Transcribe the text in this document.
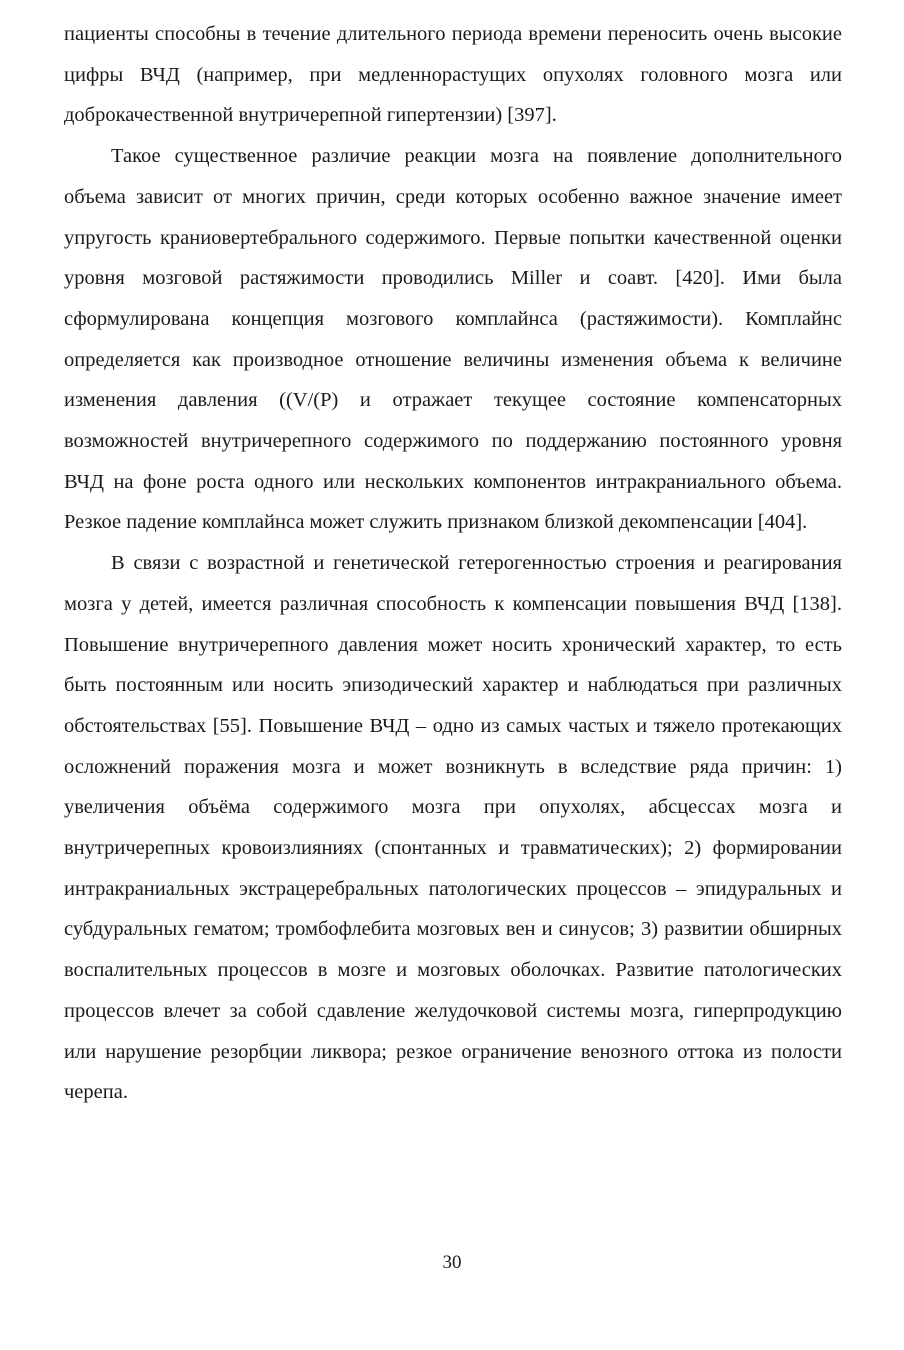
пациенты способны в течение длительного периода времени переносить очень высокие цифры ВЧД (например, при медленнорастущих опухолях головного мозга или доброкачественной внутричерепной гипертензии) [397].

Такое существенное различие реакции мозга на появление дополнительного объема зависит от многих причин, среди которых особенно важное значение имеет упругость краниовертебрального содержимого. Первые попытки качественной оценки уровня мозговой растяжимости проводились Miller и соавт. [420]. Ими была сформулирована концепция мозгового комплайнса (растяжимости). Комплайнс определяется как производное отношение величины изменения объема к величине изменения давления ((V/(P) и отражает текущее состояние компенсаторных возможностей внутричерепного содержимого по поддержанию постоянного уровня ВЧД на фоне роста одного или нескольких компонентов интракраниального объема. Резкое падение комплайнса может служить признаком близкой декомпенсации [404].

В связи с возрастной и генетической гетерогенностью строения и реагирования мозга у детей, имеется различная способность к компенсации повышения ВЧД [138]. Повышение внутричерепного давления может носить хронический характер, то есть быть постоянным или носить эпизодический характер и наблюдаться при различных обстоятельствах [55]. Повышение ВЧД – одно из самых частых и тяжело протекающих осложнений поражения мозга и может возникнуть в вследствие ряда причин: 1) увеличения объёма содержимого мозга при опухолях, абсцессах мозга и внутричерепных кровоизлияниях (спонтанных и травматических); 2) формировании интракраниальных экстрацеребральных патологических процессов – эпидуральных и субдуральных гематом; тромбофлебита мозговых вен и синусов; 3) развитии обширных воспалительных процессов в мозге и мозговых оболочках. Развитие патологических процессов влечет за собой сдавление желудочковой системы мозга, гиперпродукцию или нарушение резорбции ликвора; резкое ограничение венозного оттока из полости черепа.

30
